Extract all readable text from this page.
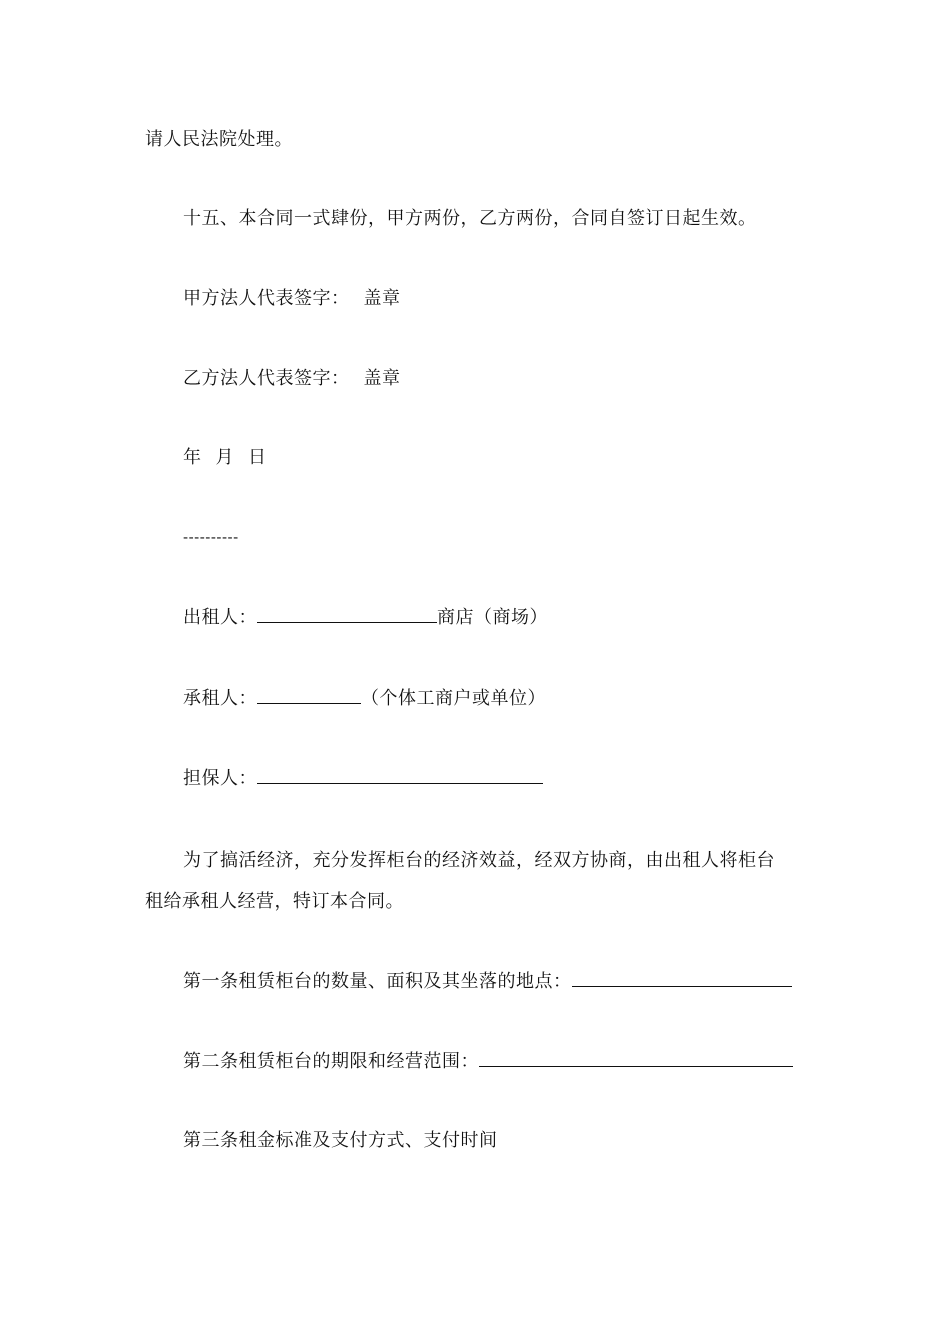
请人民法院处理。
十五、本合同一式肆份，甲方两份，乙方两份，合同自签订日起生效。
甲方法人代表签字： 盖章
乙方法人代表签字： 盖章
年 月 日
----------
出租人：	商店（商场）
承租人：	（个体工商户或单位）
担保人：
为了搞活经济，充分发挥柜台的经济效益，经双方协商，由出租人将柜台
租给承租人经营，特订本合同。
第一条租赁柜台的数量、面积及其坐落的地点：
第二条租赁柜台的期限和经营范围：
第三条租金标准及支付方式、支付时间
